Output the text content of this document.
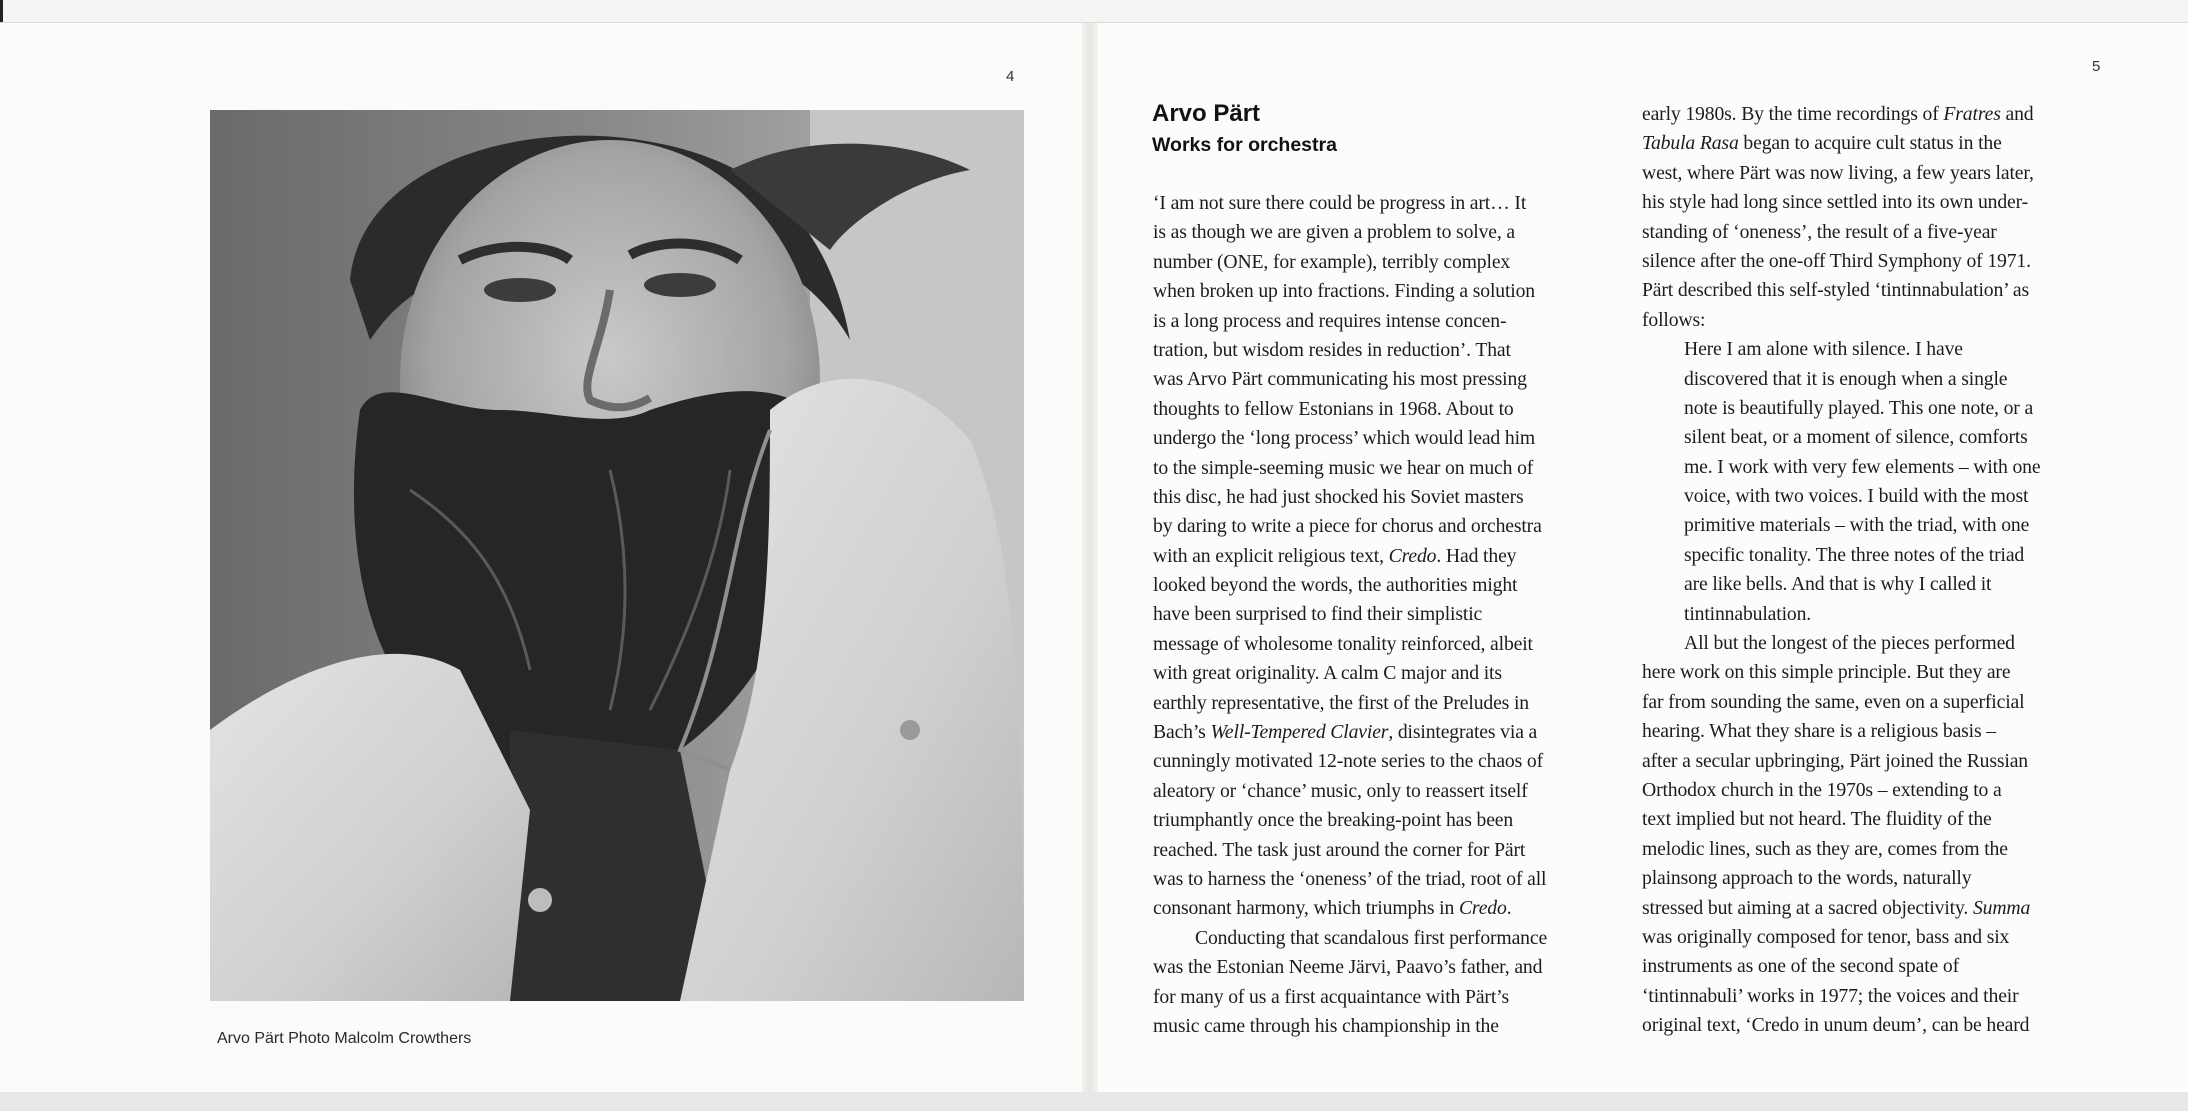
4
Arvo Pärt Photo Malcolm Crowthers
5
Arvo Pärt
Works for orchestra
‘I am not sure there could be progress in art… It
is as though we are given a problem to solve, a
number (ONE, for example), terribly complex
when broken up into fractions. Finding a solution
is a long process and requires intense concen-
tration, but wisdom resides in reduction’. That
was Arvo Pärt communicating his most pressing
thoughts to fellow Estonians in 1968. About to
undergo the ‘long process’ which would lead him
to the simple-seeming music we hear on much of
this disc, he had just shocked his Soviet masters
by daring to write a piece for chorus and orchestra
with an explicit religious text, Credo. Had they
looked beyond the words, the authorities might
have been surprised to find their simplistic
message of wholesome tonality reinforced, albeit
with great originality. A calm C major and its
earthly representative, the first of the Preludes in
Bach’s Well-Tempered Clavier, disintegrates via a
cunningly motivated 12-note series to the chaos of
aleatory or ‘chance’ music, only to reassert itself
triumphantly once the breaking-point has been
reached. The task just around the corner for Pärt
was to harness the ‘oneness’ of the triad, root of all
consonant harmony, which triumphs in Credo.
Conducting that scandalous first performance
was the Estonian Neeme Järvi, Paavo’s father, and
for many of us a first acquaintance with Pärt’s
music came through his championship in the
early 1980s. By the time recordings of Fratres and
Tabula Rasa began to acquire cult status in the
west, where Pärt was now living, a few years later,
his style had long since settled into its own under-
standing of ‘oneness’, the result of a five-year
silence after the one-off Third Symphony of 1971.
Pärt described this self-styled ‘tintinnabulation’ as
follows:
Here I am alone with silence. I have
discovered that it is enough when a single
note is beautifully played. This one note, or a
silent beat, or a moment of silence, comforts
me. I work with very few elements – with one
voice, with two voices. I build with the most
primitive materials – with the triad, with one
specific tonality. The three notes of the triad
are like bells. And that is why I called it
tintinnabulation.
All but the longest of the pieces performed
here work on this simple principle. But they are
far from sounding the same, even on a superficial
hearing. What they share is a religious basis –
after a secular upbringing, Pärt joined the Russian
Orthodox church in the 1970s – extending to a
text implied but not heard. The fluidity of the
melodic lines, such as they are, comes from the
plainsong approach to the words, naturally
stressed but aiming at a sacred objectivity. Summa
was originally composed for tenor, bass and six
instruments as one of the second spate of
‘tintinnabuli’ works in 1977; the voices and their
original text, ‘Credo in unum deum’, can be heard
